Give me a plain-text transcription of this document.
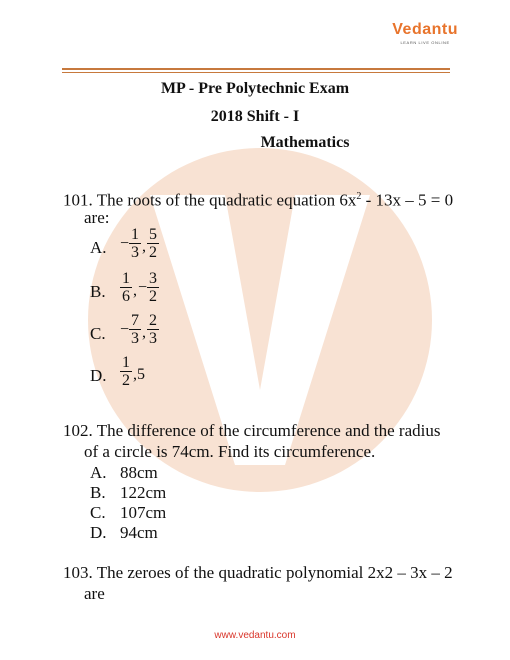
Vedantu
LEARN LIVE ONLINE
MP - Pre Polytechnic Exam
2018 Shift - I
Mathematics
101. The roots of the quadratic equation $6x^2 - 13x - 5 = 0$
are:
A. − $\frac{1}{3}$ , $\frac{5}{2}$
B. $\frac{1}{6}$ , − $\frac{3}{2}$
C. − $\frac{7}{3}$ , $\frac{2}{3}$
D. $\frac{1}{2} ,5$
102. The difference of the circumference and the radius
of a circle is 74cm. Find its circumference.
A. 88cm
B. 122cm
C. 107cm
D. 94cm
103. The zeroes of the quadratic polynomial 2x2 – 3x – 2
are
www.vedantu.com
